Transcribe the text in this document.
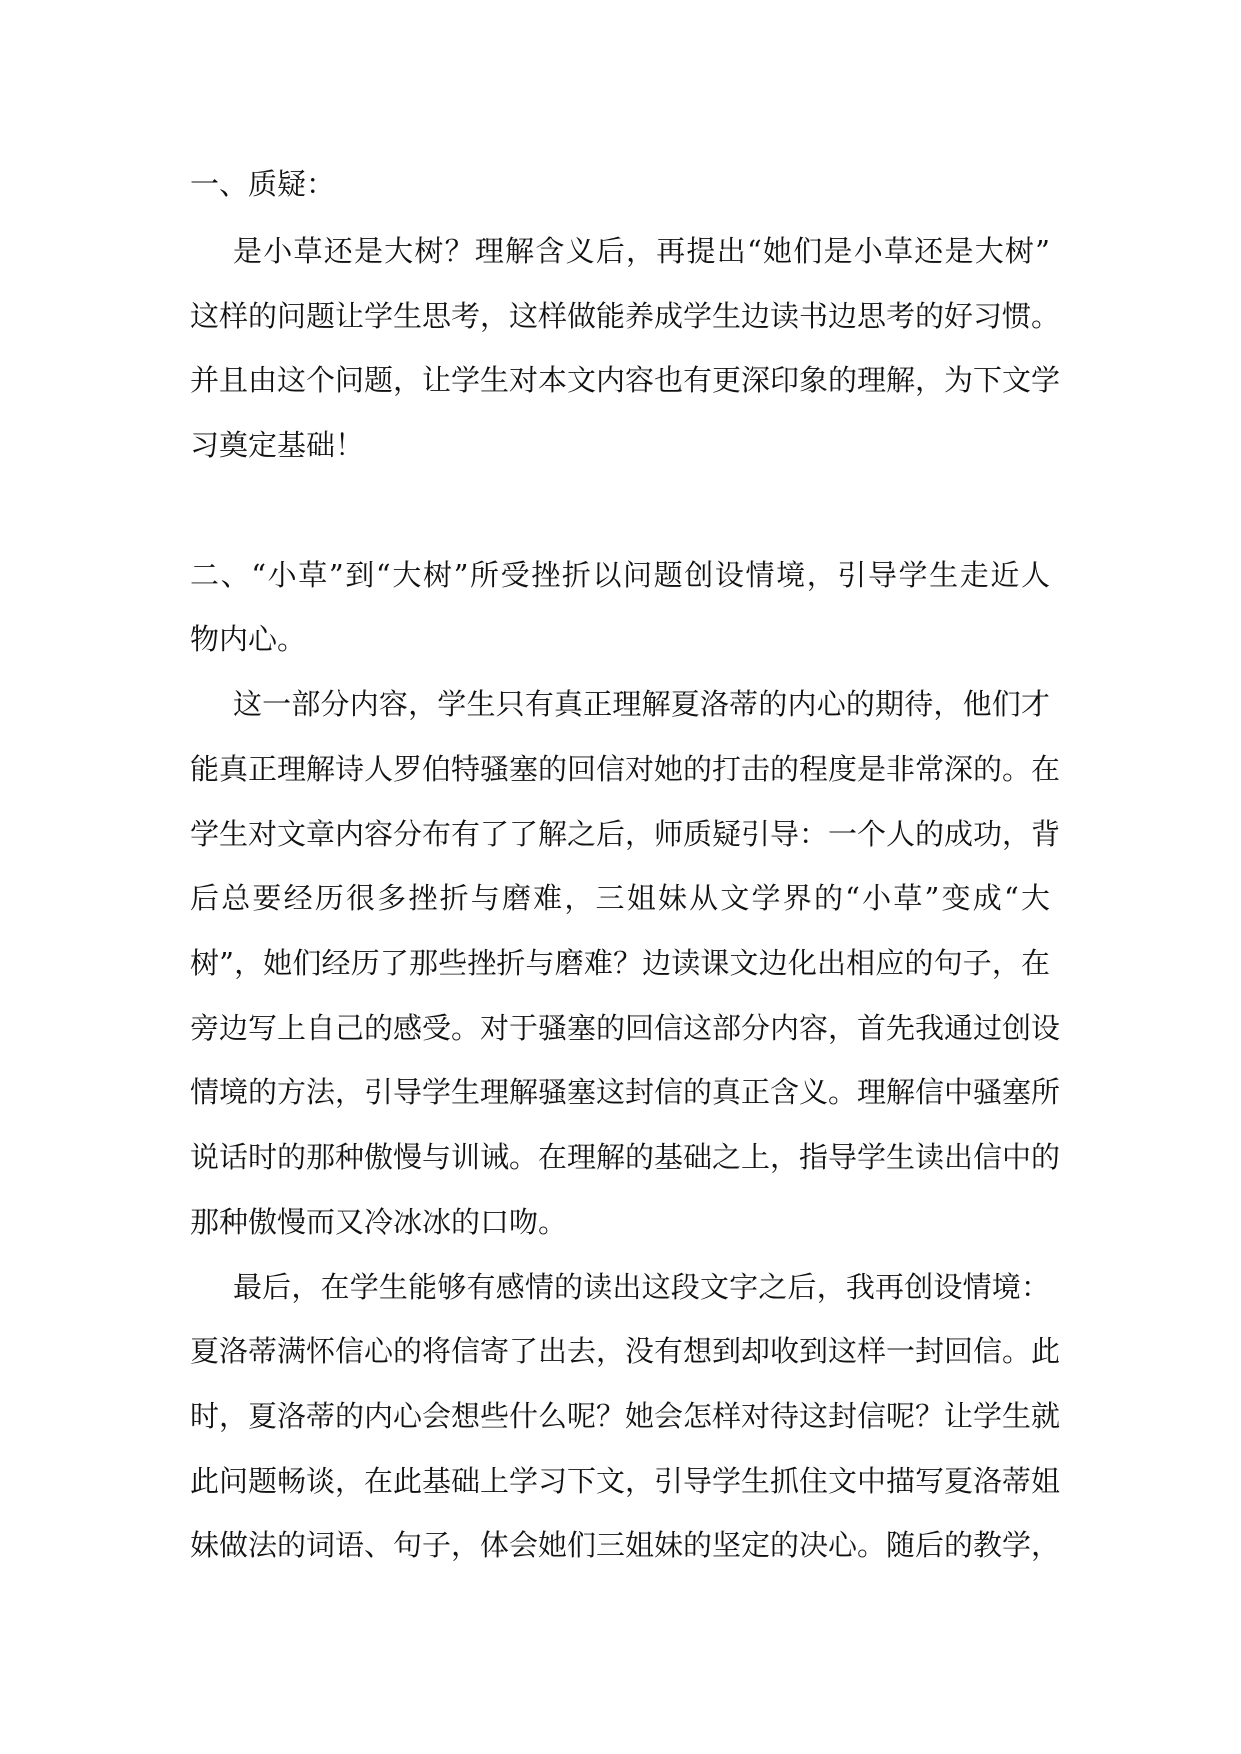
一、质疑：
是小草还是大树？理解含义后，再提出“她们是小草还是大树”
这样的问题让学生思考，这样做能养成学生边读书边思考的好习惯。
并且由这个问题，让学生对本文内容也有更深印象的理解，为下文学
习奠定基础！
二、“小草”到“大树”所受挫折以问题创设情境，引导学生走近人
物内心。
这一部分内容，学生只有真正理解夏洛蒂的内心的期待，他们才
能真正理解诗人罗伯特骚塞的回信对她的打击的程度是非常深的。在
学生对文章内容分布有了了解之后，师质疑引导：一个人的成功，背
后总要经历很多挫折与磨难，三姐妹从文学界的“小草”变成“大
树”，她们经历了那些挫折与磨难？边读课文边化出相应的句子，在
旁边写上自己的感受。对于骚塞的回信这部分内容，首先我通过创设
情境的方法，引导学生理解骚塞这封信的真正含义。理解信中骚塞所
说话时的那种傲慢与训诫。在理解的基础之上，指导学生读出信中的
那种傲慢而又冷冰冰的口吻。
最后，在学生能够有感情的读出这段文字之后，我再创设情境：
夏洛蒂满怀信心的将信寄了出去，没有想到却收到这样一封回信。此
时，夏洛蒂的内心会想些什么呢？她会怎样对待这封信呢？让学生就
此问题畅谈，在此基础上学习下文，引导学生抓住文中描写夏洛蒂姐
妹做法的词语、句子，体会她们三姐妹的坚定的决心。随后的教学，
